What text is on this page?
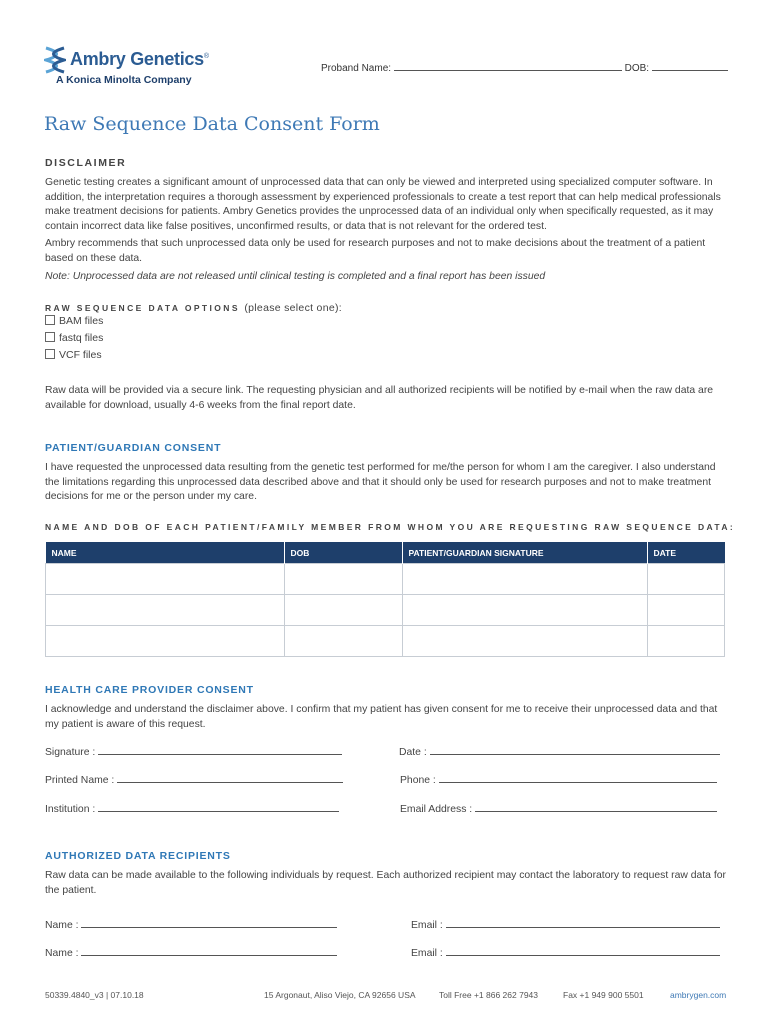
Ambry Genetics®
A Konica Minolta Company
Proband Name:	DOB:
Raw Sequence Data Consent Form
DISCLAIMER
Genetic testing creates a significant amount of unprocessed data that can only be viewed and interpreted using specialized computer software. In addition, the interpretation requires a thorough assessment by experienced professionals to create a test report that can help medical professionals make treatment decisions for patients. Ambry Genetics provides the unprocessed data of an individual only when specifically requested, as it may contain incorrect data like false positives, unconfirmed results, or data that is not relevant for the ordered test.
Ambry recommends that such unprocessed data only be used for research purposes and not to make decisions about the treatment of a patient based on these data.
Note: Unprocessed data are not released until clinical testing is completed and a final report has been issued
RAW SEQUENCE DATA OPTIONS (please select one):
BAM files
fastq files
VCF files
Raw data will be provided via a secure link. The requesting physician and all authorized recipients will be notified by e-mail when the raw data are available for download, usually 4-6 weeks from the final report date.
PATIENT/GUARDIAN CONSENT
I have requested the unprocessed data resulting from the genetic test performed for me/the person for whom I am the caregiver. I also understand the limitations regarding this unprocessed data described above and that it should only be used for research purposes and not to make treatment decisions for me or the person under my care.
NAME AND DOB OF EACH PATIENT/FAMILY MEMBER FROM WHOM YOU ARE REQUESTING RAW SEQUENCE DATA:
NAME	DOB	PATIENT/GUARDIAN SIGNATURE	DATE

HEALTH CARE PROVIDER CONSENT
I acknowledge and understand the disclaimer above. I confirm that my patient has given consent for me to receive their unprocessed data and that my patient is aware of this request.
Signature :	Date :
Printed Name :	Phone :
Institution :	Email Address :
AUTHORIZED DATA RECIPIENTS
Raw data can be made available to the following individuals by request. Each authorized recipient may contact the laboratory to request raw data for the patient.
Name :	Email :
Name :	Email :
50339.4840_v3 | 07.10.18	15 Argonaut, Aliso Viejo, CA 92656 USA	Toll Free +1 866 262 7943	Fax +1 949 900 5501	ambrygen.com
